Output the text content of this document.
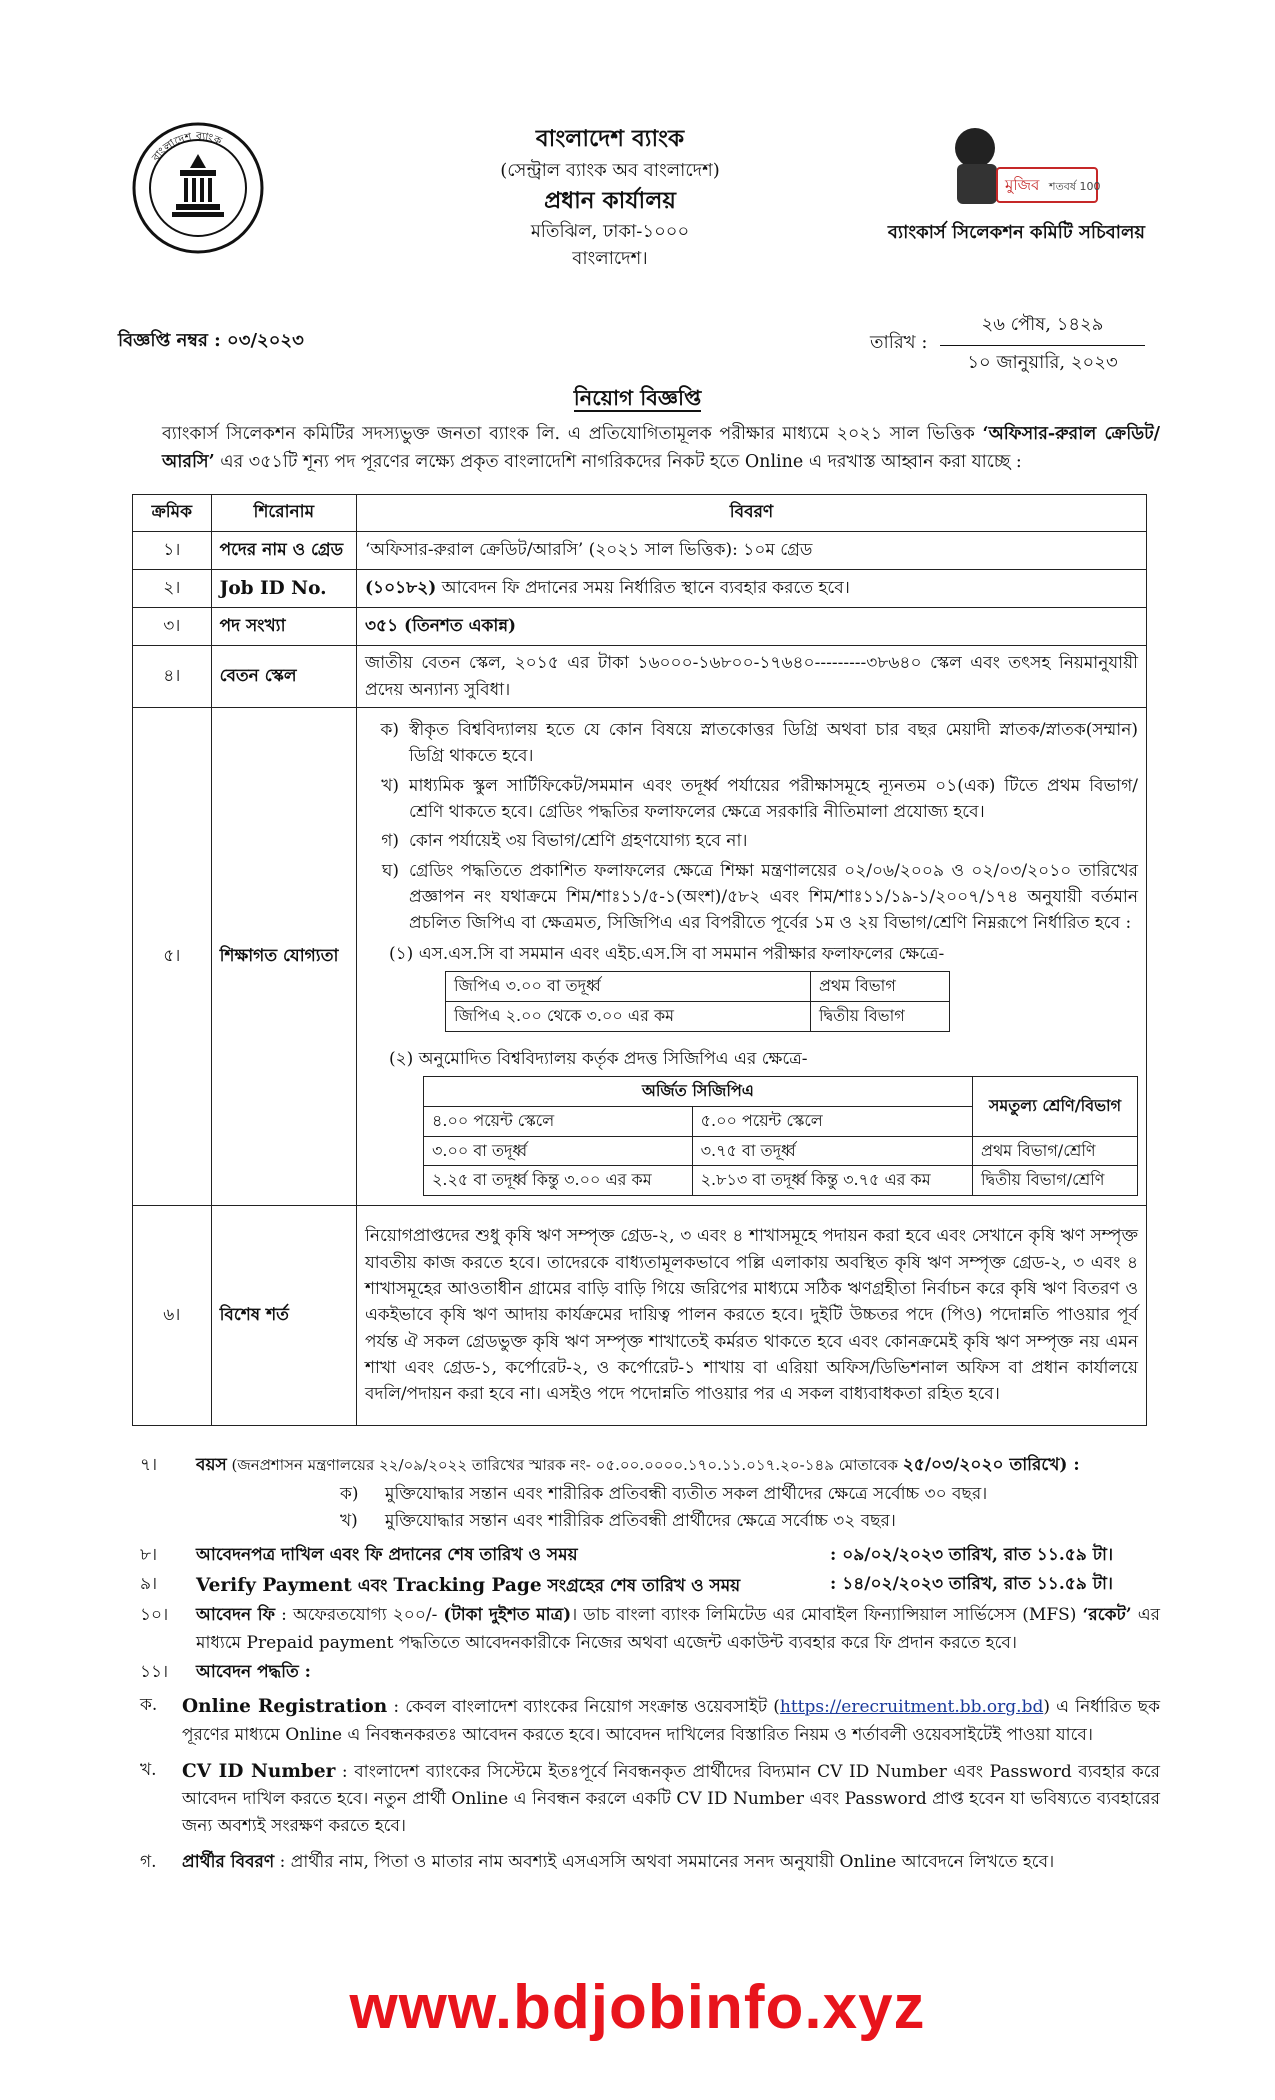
বাংলাদেশ ব্যাংক
মুজিব শতবর্ষ 100
বাংলাদেশ ব্যাংক
(সেন্ট্রাল ব্যাংক অব বাংলাদেশ)
প্রধান কার্যালয়
মতিঝিল, ঢাকা-১০০০
বাংলাদেশ।
ব্যাংকার্স সিলেকশন কমিটি সচিবালয়
বিজ্ঞপ্তি নম্বর : ০৩/২০২৩	তারিখ :
২৬ পৌষ, ১৪২৯
১০ জানুয়ারি, ২০২৩
নিয়োগ বিজ্ঞপ্তি
ব্যাংকার্স সিলেকশন কমিটির সদস্যভুক্ত জনতা ব্যাংক লি. এ প্রতিযোগিতামূলক পরীক্ষার মাধ্যমে ২০২১ সাল ভিত্তিক ‘অফিসার-রুরাল ক্রেডিট/আরসি’ এর ৩৫১টি শূন্য পদ পূরণের লক্ষ্যে প্রকৃত বাংলাদেশি নাগরিকদের নিকট হতে Online এ দরখাস্ত আহ্বান করা যাচ্ছে :
ক্রমিক	শিরোনাম	বিবরণ
১।	পদের নাম ও গ্রেড	‘অফিসার-রুরাল ক্রেডিট/আরসি’ (২০২১ সাল ভিত্তিক): ১০ম গ্রেড
২।	Job ID No.	(১০১৮২) আবেদন ফি প্রদানের সময় নির্ধারিত স্থানে ব্যবহার করতে হবে।
৩।	পদ সংখ্যা	৩৫১ (তিনশত একান্ন)
৪।	বেতন স্কেল	জাতীয় বেতন স্কেল, ২০১৫ এর টাকা ১৬০০০-১৬৮০০-১৭৬৪০---------৩৮৬৪০ স্কেল এবং তৎসহ নিয়মানুযায়ী প্রদেয় অন্যান্য সুবিধা।
৫।	শিক্ষাগত যোগ্যতা	
ক) স্বীকৃত বিশ্ববিদ্যালয় হতে যে কোন বিষয়ে স্নাতকোত্তর ডিগ্রি অথবা চার বছর মেয়াদী স্নাতক/স্নাতক(সম্মান) ডিগ্রি থাকতে হবে।
খ) মাধ্যমিক স্কুল সার্টিফিকেট/সমমান এবং তদূর্ধ্ব পর্যায়ের পরীক্ষাসমূহে ন্যূনতম ০১(এক) টিতে প্রথম বিভাগ/ শ্রেণি থাকতে হবে। গ্রেডিং পদ্ধতির ফলাফলের ক্ষেত্রে সরকারি নীতিমালা প্রযোজ্য হবে।
গ) কোন পর্যায়েই ৩য় বিভাগ/শ্রেণি গ্রহণযোগ্য হবে না।
ঘ) গ্রেডিং পদ্ধতিতে প্রকাশিত ফলাফলের ক্ষেত্রে শিক্ষা মন্ত্রণালয়ের ০২/০৬/২০০৯ ও ০২/০৩/২০১০ তারিখের প্রজ্ঞাপন নং যথাক্রমে শিম/শাঃ১১/৫-১(অংশ)/৫৮২ এবং শিম/শাঃ১১/১৯-১/২০০৭/১৭৪ অনুযায়ী বর্তমান প্রচলিত জিপিএ বা ক্ষেত্রমত, সিজিপিএ এর বিপরীতে পূর্বের ১ম ও ২য় বিভাগ/শ্রেণি নিম্নরূপে নির্ধারিত হবে :
(১) এস.এস.সি বা সমমান এবং এইচ.এস.সি বা সমমান পরীক্ষার ফলাফলের ক্ষেত্রে-
জিপিএ ৩.০০ বা তদূর্ধ্ব	প্রথম বিভাগ
জিপিএ ২.০০ থেকে ৩.০০ এর কম	দ্বিতীয় বিভাগ
(২) অনুমোদিত বিশ্ববিদ্যালয় কর্তৃক প্রদত্ত সিজিপিএ এর ক্ষেত্রে-
অর্জিত সিজিপিএ	সমতুল্য শ্রেণি/বিভাগ
৪.০০ পয়েন্ট স্কেলে	৫.০০ পয়েন্ট স্কেলে
৩.০০ বা তদূর্ধ্ব	৩.৭৫ বা তদূর্ধ্ব	প্রথম বিভাগ/শ্রেণি
২.২৫ বা তদূর্ধ্ব কিন্তু ৩.০০ এর কম	২.৮১৩ বা তদূর্ধ্ব কিন্তু ৩.৭৫ এর কম	দ্বিতীয় বিভাগ/শ্রেণি

৬।	বিশেষ শর্ত	নিয়োগপ্রাপ্তদের শুধু কৃষি ঋণ সম্পৃক্ত গ্রেড-২, ৩ এবং ৪ শাখাসমূহে পদায়ন করা হবে এবং সেখানে কৃষি ঋণ সম্পৃক্ত যাবতীয় কাজ করতে হবে। তাদেরকে বাধ্যতামূলকভাবে পল্লি এলাকায় অবস্থিত কৃষি ঋণ সম্পৃক্ত গ্রেড-২, ৩ এবং ৪ শাখাসমূহের আওতাধীন গ্রামের বাড়ি বাড়ি গিয়ে জরিপের মাধ্যমে সঠিক ঋণগ্রহীতা নির্বাচন করে কৃষি ঋণ বিতরণ ও একইভাবে কৃষি ঋণ আদায় কার্যক্রমের দায়িত্ব পালন করতে হবে। দুইটি উচ্চতর পদে (পিও) পদোন্নতি পাওয়ার পূর্ব পর্যন্ত ঐ সকল গ্রেডভুক্ত কৃষি ঋণ সম্পৃক্ত শাখাতেই কর্মরত থাকতে হবে এবং কোনক্রমেই কৃষি ঋণ সম্পৃক্ত নয় এমন শাখা এবং গ্রেড-১, কর্পোরেট-২, ও কর্পোরেট-১ শাখায় বা এরিয়া অফিস/ডিভিশনাল অফিস বা প্রধান কার্যালয়ে বদলি/পদায়ন করা হবে না। এসইও পদে পদোন্নতি পাওয়ার পর এ সকল বাধ্যবাধকতা রহিত হবে।
৭।	বয়স (জনপ্রশাসন মন্ত্রণালয়ের ২২/০৯/২০২২ তারিখের স্মারক নং- ০৫.০০.০০০০.১৭০.১১.০১৭.২০-১৪৯ মোতাবেক ২৫/০৩/২০২০ তারিখে) :
ক)	মুক্তিযোদ্ধার সন্তান এবং শারীরিক প্রতিবন্ধী ব্যতীত সকল প্রার্থীদের ক্ষেত্রে সর্বোচ্চ ৩০ বছর।
খ)	মুক্তিযোদ্ধার সন্তান এবং শারীরিক প্রতিবন্ধী প্রার্থীদের ক্ষেত্রে সর্বোচ্চ ৩২ বছর।
৮।	আবেদনপত্র দাখিল এবং ফি প্রদানের শেষ তারিখ ও সময়	: ০৯/০২/২০২৩ তারিখ, রাত ১১.৫৯ টা।
৯।	Verify Payment এবং Tracking Page সংগ্রহের শেষ তারিখ ও সময়	: ১৪/০২/২০২৩ তারিখ, রাত ১১.৫৯ টা।
১০।	আবেদন ফি : অফেরতযোগ্য ২০০/- (টাকা দুইশত মাত্র)। ডাচ বাংলা ব্যাংক লিমিটেড এর মোবাইল ফিন্যান্সিয়াল সার্ভিসেস (MFS) ‘রকেট’ এর মাধ্যমে Prepaid payment পদ্ধতিতে আবেদনকারীকে নিজের অথবা এজেন্ট একাউন্ট ব্যবহার করে ফি প্রদান করতে হবে।
১১।	আবেদন পদ্ধতি :
ক.	Online Registration : কেবল বাংলাদেশ ব্যাংকের নিয়োগ সংক্রান্ত ওয়েবসাইট (https://erecruitment.bb.org.bd) এ নির্ধারিত ছক পূরণের মাধ্যমে Online এ নিবন্ধনকরতঃ আবেদন করতে হবে। আবেদন দাখিলের বিস্তারিত নিয়ম ও শর্তাবলী ওয়েবসাইটেই পাওয়া যাবে।
খ.	CV ID Number : বাংলাদেশ ব্যাংকের সিস্টেমে ইতঃপূর্বে নিবন্ধনকৃত প্রার্থীদের বিদ্যমান CV ID Number এবং Password ব্যবহার করে আবেদন দাখিল করতে হবে। নতুন প্রার্থী Online এ নিবন্ধন করলে একটি CV ID Number এবং Password প্রাপ্ত হবেন যা ভবিষ্যতে ব্যবহারের জন্য অবশ্যই সংরক্ষণ করতে হবে।
গ.	প্রার্থীর বিবরণ : প্রার্থীর নাম, পিতা ও মাতার নাম অবশ্যই এসএসসি অথবা সমমানের সনদ অনুযায়ী Online আবেদনে লিখতে হবে।
www.bdjobinfo.xyz
